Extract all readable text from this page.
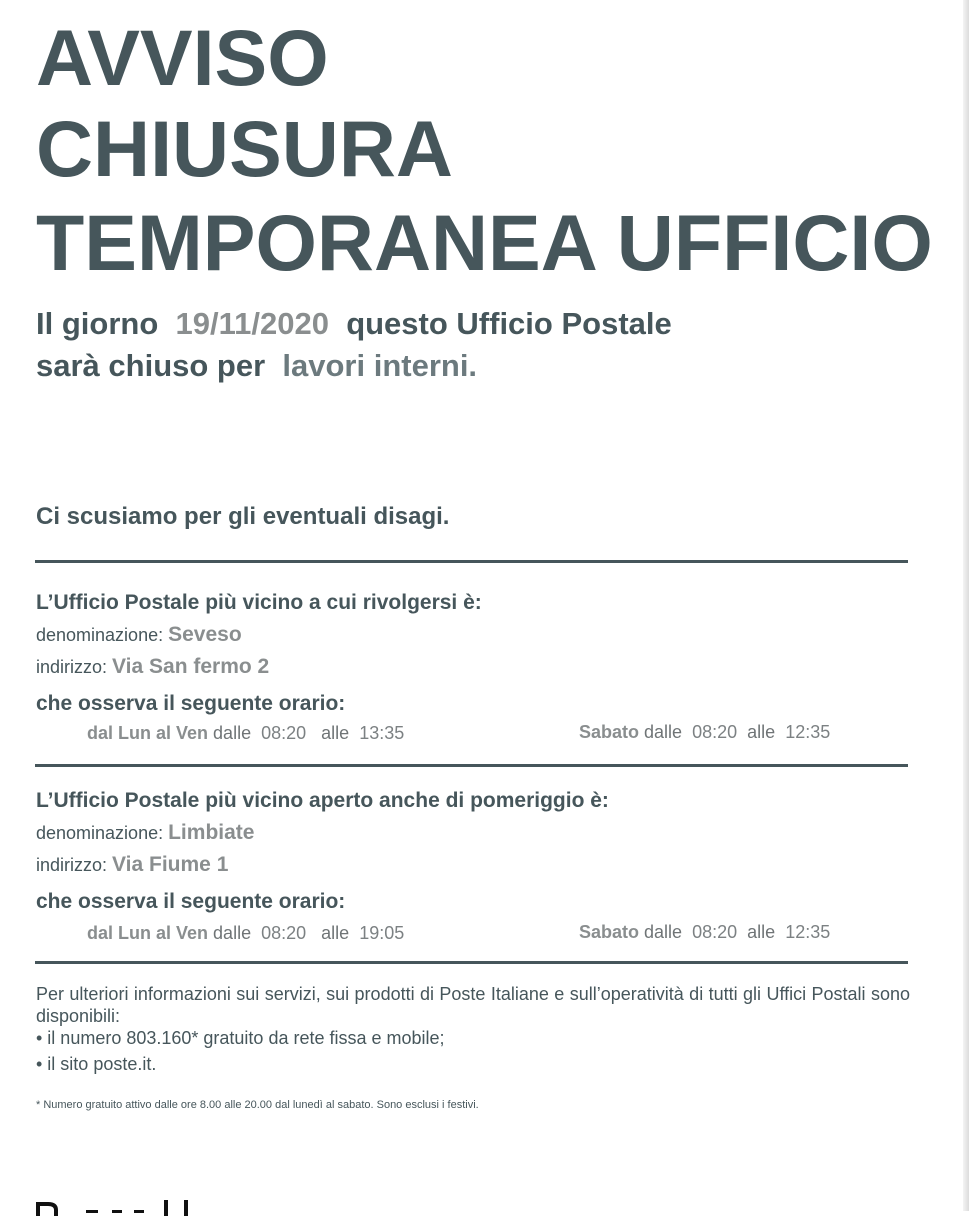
AVVISO
CHIUSURA
TEMPORANEA UFFICIO
Il giorno 19/11/2020 questo Ufficio Postale
sarà chiuso per lavori interni.
Ci scusiamo per gli eventuali disagi.
L’Ufficio Postale più vicino a cui rivolgersi è:
denominazione: Seveso
indirizzo: Via San fermo 2
che osserva il seguente orario:
dal Lun al Ven dalle 08:20 alle 13:35	Sabato dalle 08:20 alle 12:35
L’Ufficio Postale più vicino aperto anche di pomeriggio è:
denominazione: Limbiate
indirizzo: Via Fiume 1
che osserva il seguente orario:
dal Lun al Ven dalle 08:20 alle 19:05	Sabato dalle 08:20 alle 12:35
Per ulteriori informazioni sui servizi, sui prodotti di Poste Italiane e sull’operatività di tutti gli Uffici Postali sono disponibili:
• il numero 803.160* gratuito da rete fissa e mobile;
• il sito poste.it.
* Numero gratuito attivo dalle ore 8.00 alle 20.00 dal lunedì al sabato. Sono esclusi i festivi.
